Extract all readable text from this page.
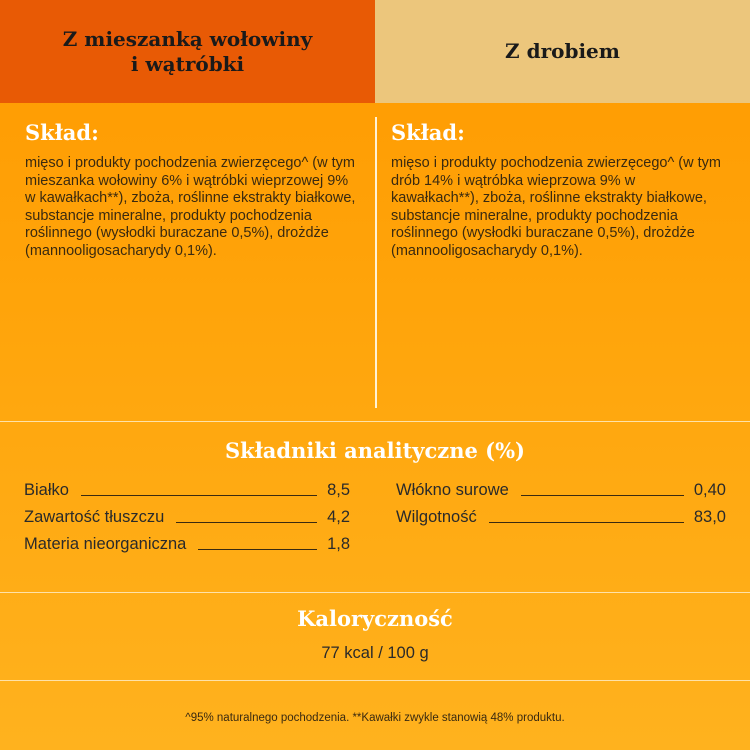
Z mieszanką wołowiny
i wątróbki
Z drobiem
Skład:

mięso i produkty pochodzenia zwierzęcego^ (w tym mieszanka wołowiny 6% i wątróbki wieprzowej 9% w kawałkach**), zboża, roślinne ekstrakty białkowe, substancje mineralne, produkty pochodzenia roślinnego (wysłodki buraczane 0,5%), drożdże (mannooligosacharydy 0,1%).

Skład:

mięso i produkty pochodzenia zwierzęcego^ (w tym drób 14% i wątróbka wieprzowa 9% w kawałkach**), zboża, roślinne ekstrakty białkowe, substancje mineralne, produkty pochodzenia roślinnego (wysłodki buraczane 0,5%), drożdże (mannooligosacharydy 0,1%).

Składniki analityczne (%)
Białko	8,5
Zawartość tłuszczu	4,2
Materia nieorganiczna	1,8
Włókno surowe	0,40
Wilgotność	83,0
Kaloryczność
77 kcal / 100 g
^95% naturalnego pochodzenia. **Kawałki zwykle stanowią 48% produktu.
